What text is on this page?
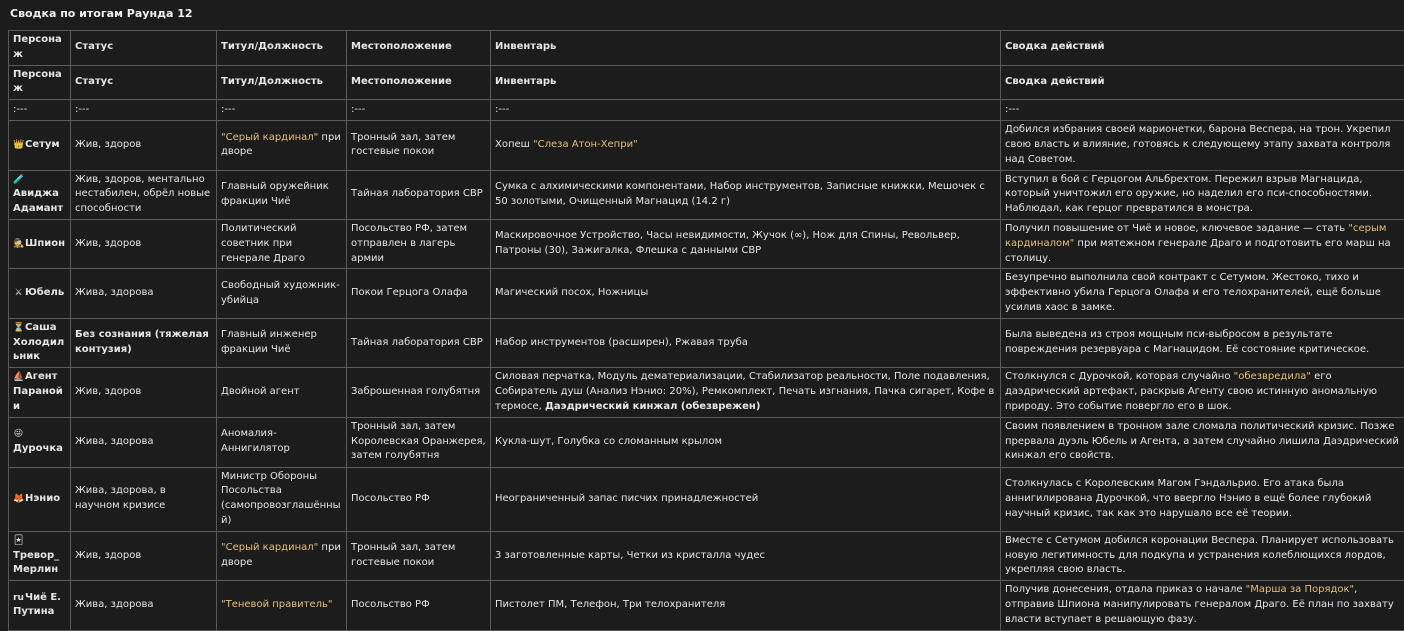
Сводка по итогам Раунда 12
Персонаж	Статус	Титул/Должность	Местоположение	Инвентарь	Сводка действий
Персонаж	Статус	Титул/Должность	Местоположение	Инвентарь	Сводка действий
:---	:---	:---	:---	:---	:---
👑Сетум	Жив, здоров	"Серый кардинал" при дворе	Тронный зал, затем гостевые покои	Хопеш "Слеза Атон-Хепри"	Добился избрания своей марионетки, барона Веспера, на трон. Укрепил свою власть и влияние, готовясь к следующему этапу захвата контроля над Советом.
🧪Авиджа Адамант	Жив, здоров, ментально нестабилен, обрёл новые способности	Главный оружейник фракции Чиё	Тайная лаборатория СВР	Сумка с алхимическими компонентами, Набор инструментов, Записные книжки, Мешочек с 50 золотыми, Очищенный Магнацид (14.2 г)	Вступил в бой с Герцогом Альбрехтом. Пережил взрыв Магнацида, который уничтожил его оружие, но наделил его пси-способностями. Наблюдал, как герцог превратился в монстра.
🕵Шпион	Жив, здоров	Политический советник при генерале Драго	Посольство РФ, затем отправлен в лагерь армии	Маскировочное Устройство, Часы невидимости, Жучок (∞), Нож для Спины, Револьвер, Патроны (30), Зажигалка, Флешка с данными СВР	Получил повышение от Чиё и новое, ключевое задание — стать "серым кардиналом" при мятежном генерале Драго и подготовить его марш на столицу.
⚔ Юбель	Жива, здорова	Свободный художник-убийца	Покои Герцога Олафа	Магический посох, Ножницы	Безупречно выполнила свой контракт с Сетумом. Жестоко, тихо и эффективно убила Герцога Олафа и его телохранителей, ещё больше усилив хаос в замке.
⏳Саша Холодильник	Без сознания (тяжелая контузия)	Главный инженер фракции Чиё	Тайная лаборатория СВР	Набор инструментов (расширен), Ржавая труба	Была выведена из строя мощным пси-выбросом в результате повреждения резервуара с Магнацидом. Её состояние критическое.
⛵Агент Паранойи	Жив, здоров	Двойной агент	Заброшенная голубятня	Силовая перчатка, Модуль дематериализации, Стабилизатор реальности, Поле подавления, Собиратель душ (Анализ Нэнио: 20%), Ремкомплект, Печать изгнания, Пачка сигарет, Кофе в термосе, Даэдрический кинжал (обезврежен)	Столкнулся с Дурочкой, которая случайно "обезвредила" его даэдрический артефакт, раскрыв Агенту свою истинную аномальную природу. Это событие повергло его в шок.
😜Дурочка	Жива, здорова	Аномалия-Аннигилятор	Тронный зал, затем Королевская Оранжерея, затем голубятня	Кукла-шут, Голубка со сломанным крылом	Своим появлением в тронном зале сломала политический кризис. Позже прервала дуэль Юбель и Агента, а затем случайно лишила Даэдрический кинжал его свойств.
🦊Нэнио	Жива, здорова, в научном кризисе	Министр Обороны Посольства (самопровозглашённый)	Посольство РФ	Неограниченный запас писчих принадлежностей	Столкнулась с Королевским Магом Гэндальрио. Его атака была аннигилирована Дурочкой, что ввергло Нэнио в ещё более глубокий научный кризис, так как это нарушало все её теории.
🃏Тревор_Мерлин	Жив, здоров	"Серый кардинал" при дворе	Тронный зал, затем гостевые покои	3 заготовленные карты, Четки из кристалла чудес	Вместе с Сетумом добился коронации Веспера. Планирует использовать новую легитимность для подкупа и устранения колеблющихся лордов, укрепляя свою власть.
ruЧиё Е. Путина	Жива, здорова	"Теневой правитель"	Посольство РФ	Пистолет ПМ, Телефон, Три телохранителя	Получив донесения, отдала приказ о начале "Марша за Порядок", отправив Шпиона манипулировать генералом Драго. Её план по захвату власти вступает в решающую фазу.
